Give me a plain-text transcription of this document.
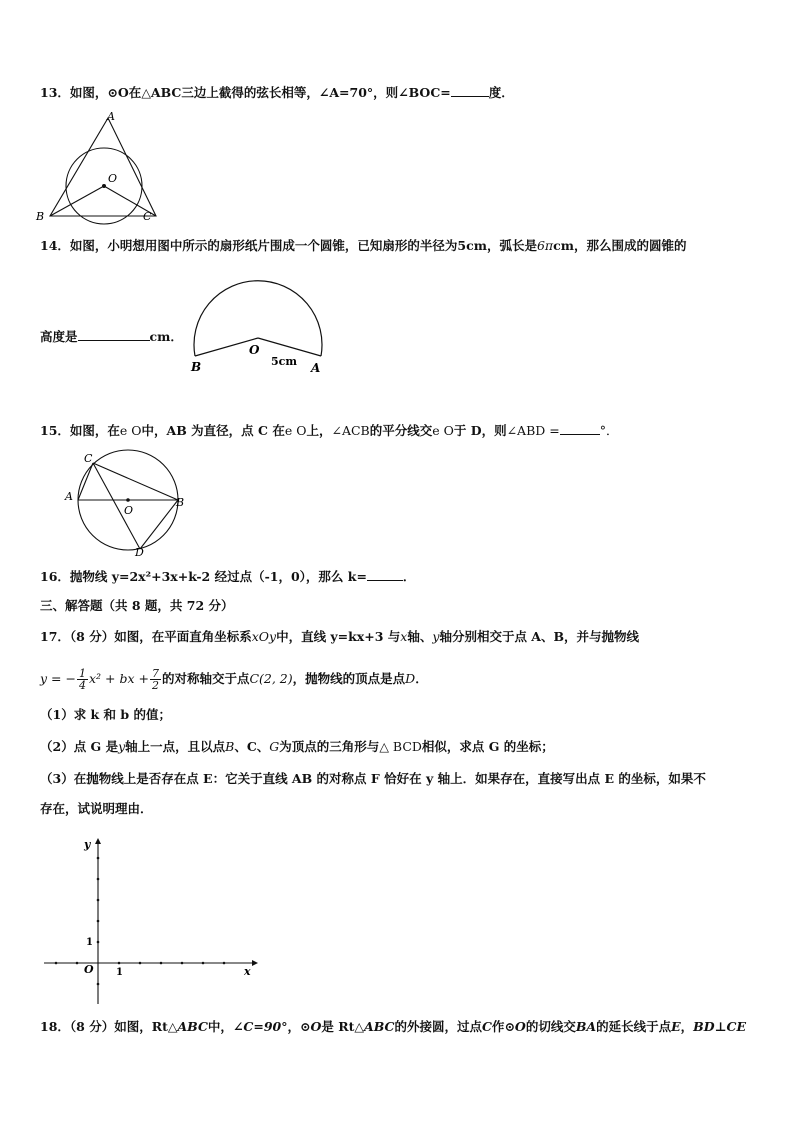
13．如图，⊙O在△ABC三边上截得的弦长相等，∠A=70°，则∠BOC=	度．
A
O
B	C
14．如图，小明想用图中所示的扇形纸片围成一个圆锥，已知扇形的半径为5cm，弧长是6πcm，那么围成的圆锥的
高度是	cm．
O
5cm
B	A
15．如图，在e O中，AB 为直径，点 C 在e O上，∠ACB的平分线交e O于 D，则∠ABD =	°．
C
A
O
B
D
16．抛物线 y=2x²+3x+k-2 经过点（-1，0），那么 k=	．
三、解答题（共 8 题，共 72 分）
17．（8 分）如图，在平面直角坐标系xOy中，直线 y=kx+3 与x轴、y轴分别相交于点 A、B，并与抛物线
y = − $\frac{1}{4} x^2$ + bx + $\frac{7}{2}$ 的对称轴交于点C(2, 2)，抛物线的顶点是点D．
（1）求 k 和 b 的值；
（2）点 G 是y轴上一点，且以点B、C、G为顶点的三角形与△ BCD相似，求点 G 的坐标；
（3）在抛物线上是否存在点 E：它关于直线 AB 的对称点 F 恰好在 y 轴上．如果存在，直接写出点 E 的坐标，如果不
存在，试说明理由．
y
x
O 1
1
18．（8 分）如图，Rt△ABC中，∠C=90°，⊙O是 Rt△ABC的外接圆，过点C作⊙O的切线交BA的延长线于点E，BD⊥CE
